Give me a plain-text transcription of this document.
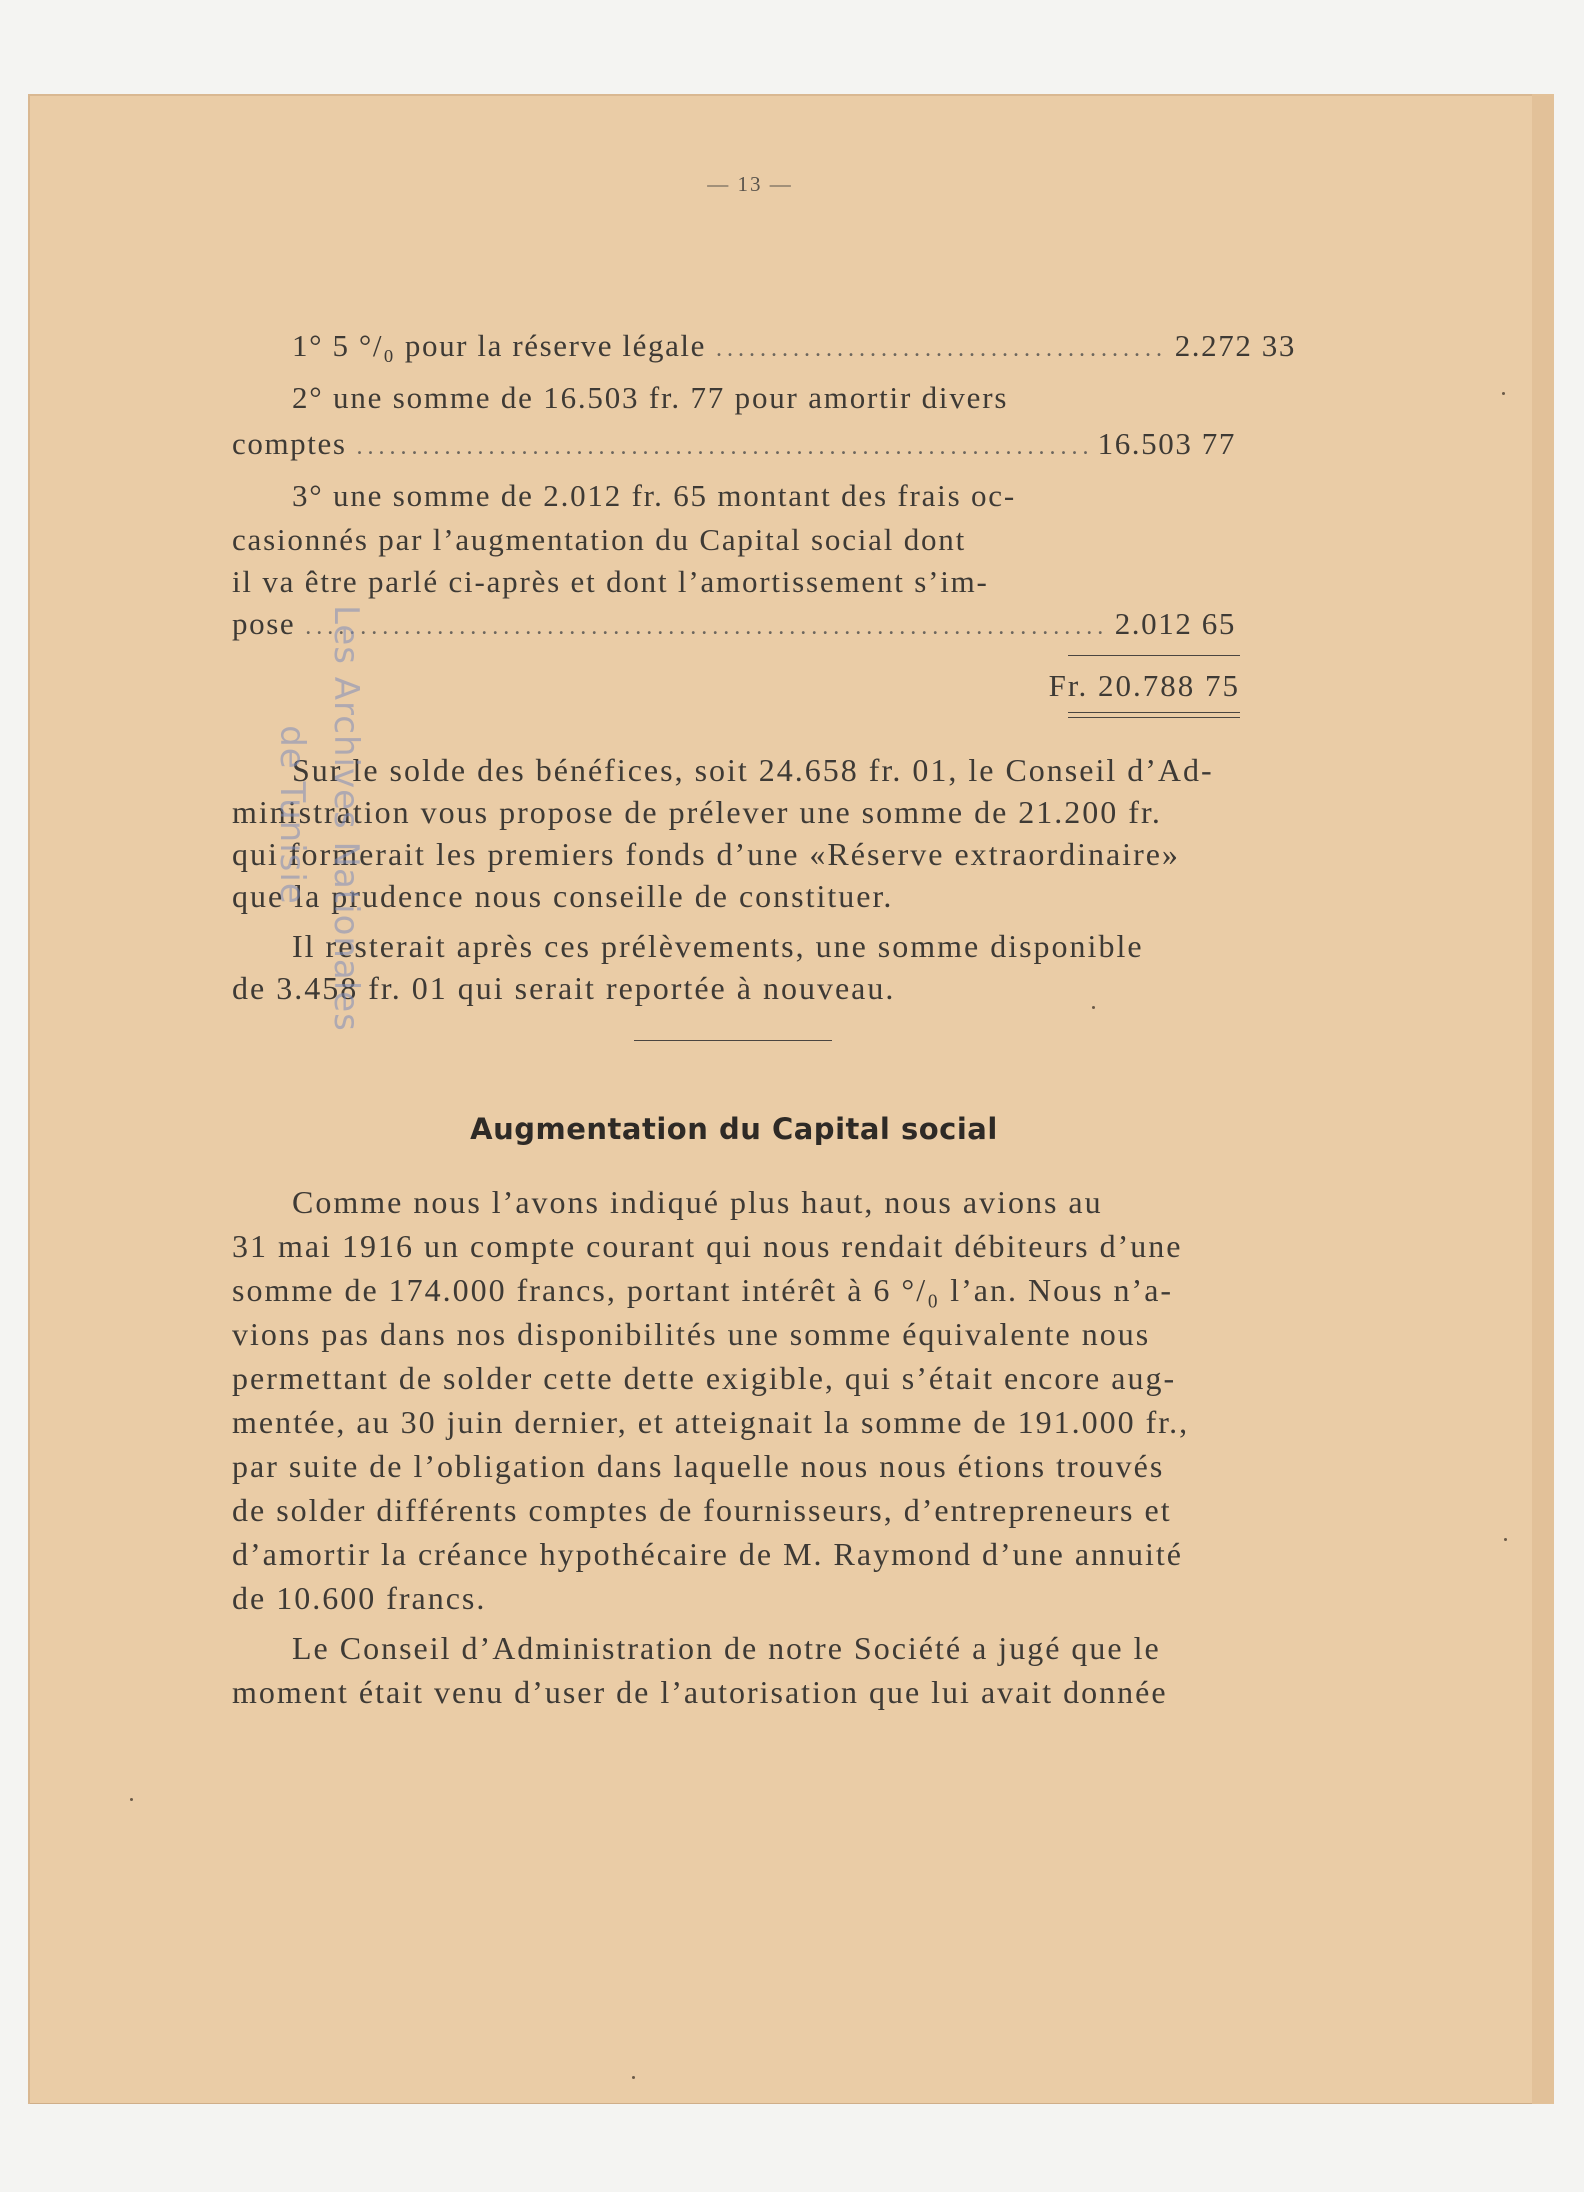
— 13 —
1° 5 °/₀ pour la réserve légale .....	2.272 33
2° une somme de 16.503 fr. 77 pour amortir divers
comptes .....	16.503 77
3° une somme de 2.012 fr. 65 montant des frais oc-
casionnés par l’augmentation du Capital social dont
il va être parlé ci-après et dont l’amortissement s’im-
pose .....	2.012 65
Fr. 20.788 75
Sur le solde des bénéfices, soit 24.658 fr. 01, le Conseil d’Ad-
ministration vous propose de prélever une somme de 21.200 fr.
qui formerait les premiers fonds d’une «Réserve extraordinaire»
que la prudence nous conseille de constituer.
Il resterait après ces prélèvements, une somme disponible
de 3.458 fr. 01 qui serait reportée à nouveau.
Augmentation du Capital social
Comme nous l’avons indiqué plus haut, nous avions au
31 mai 1916 un compte courant qui nous rendait débiteurs d’une
somme de 174.000 francs, portant intérêt à 6 °/₀ l’an. Nous n’a-
vions pas dans nos disponibilités une somme équivalente nous
permettant de solder cette dette exigible, qui s’était encore aug-
mentée, au 30 juin dernier, et atteignait la somme de 191.000 fr.,
par suite de l’obligation dans laquelle nous nous étions trouvés
de solder différents comptes de fournisseurs, d’entrepreneurs et
d’amortir la créance hypothécaire de M. Raymond d’une annuité
de 10.600 francs.
Le Conseil d’Administration de notre Société a jugé que le
moment était venu d’user de l’autorisation que lui avait donnée
Les Archives Nationales
de Tunisie
